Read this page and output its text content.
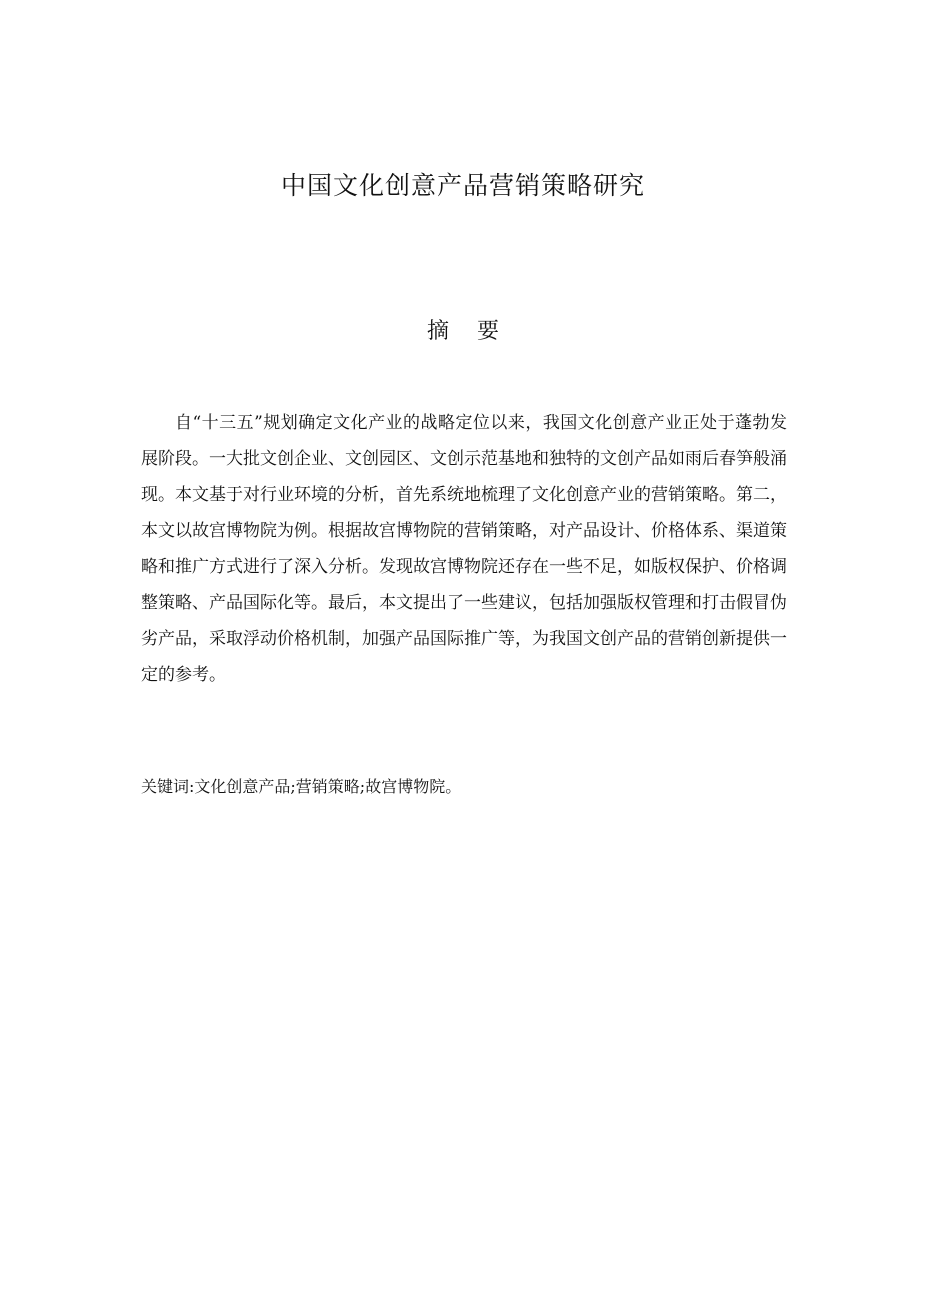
中国文化创意产品营销策略研究
摘 要

自“十三五”规划确定文化产业的战略定位以来，我国文化创意产业正处于蓬勃发展阶段。一大批文创企业、文创园区、文创示范基地和独特的文创产品如雨后春笋般涌现。本文基于对行业环境的分析，首先系统地梳理了文化创意产业的营销策略。第二，本文以故宫博物院为例。根据故宫博物院的营销策略，对产品设计、价格体系、渠道策略和推广方式进行了深入分析。发现故宫博物院还存在一些不足，如版权保护、价格调整策略、产品国际化等。最后，本文提出了一些建议，包括加强版权管理和打击假冒伪劣产品，采取浮动价格机制，加强产品国际推广等，为我国文创产品的营销创新提供一定的参考。

关键词:文化创意产品;营销策略;故宫博物院。
